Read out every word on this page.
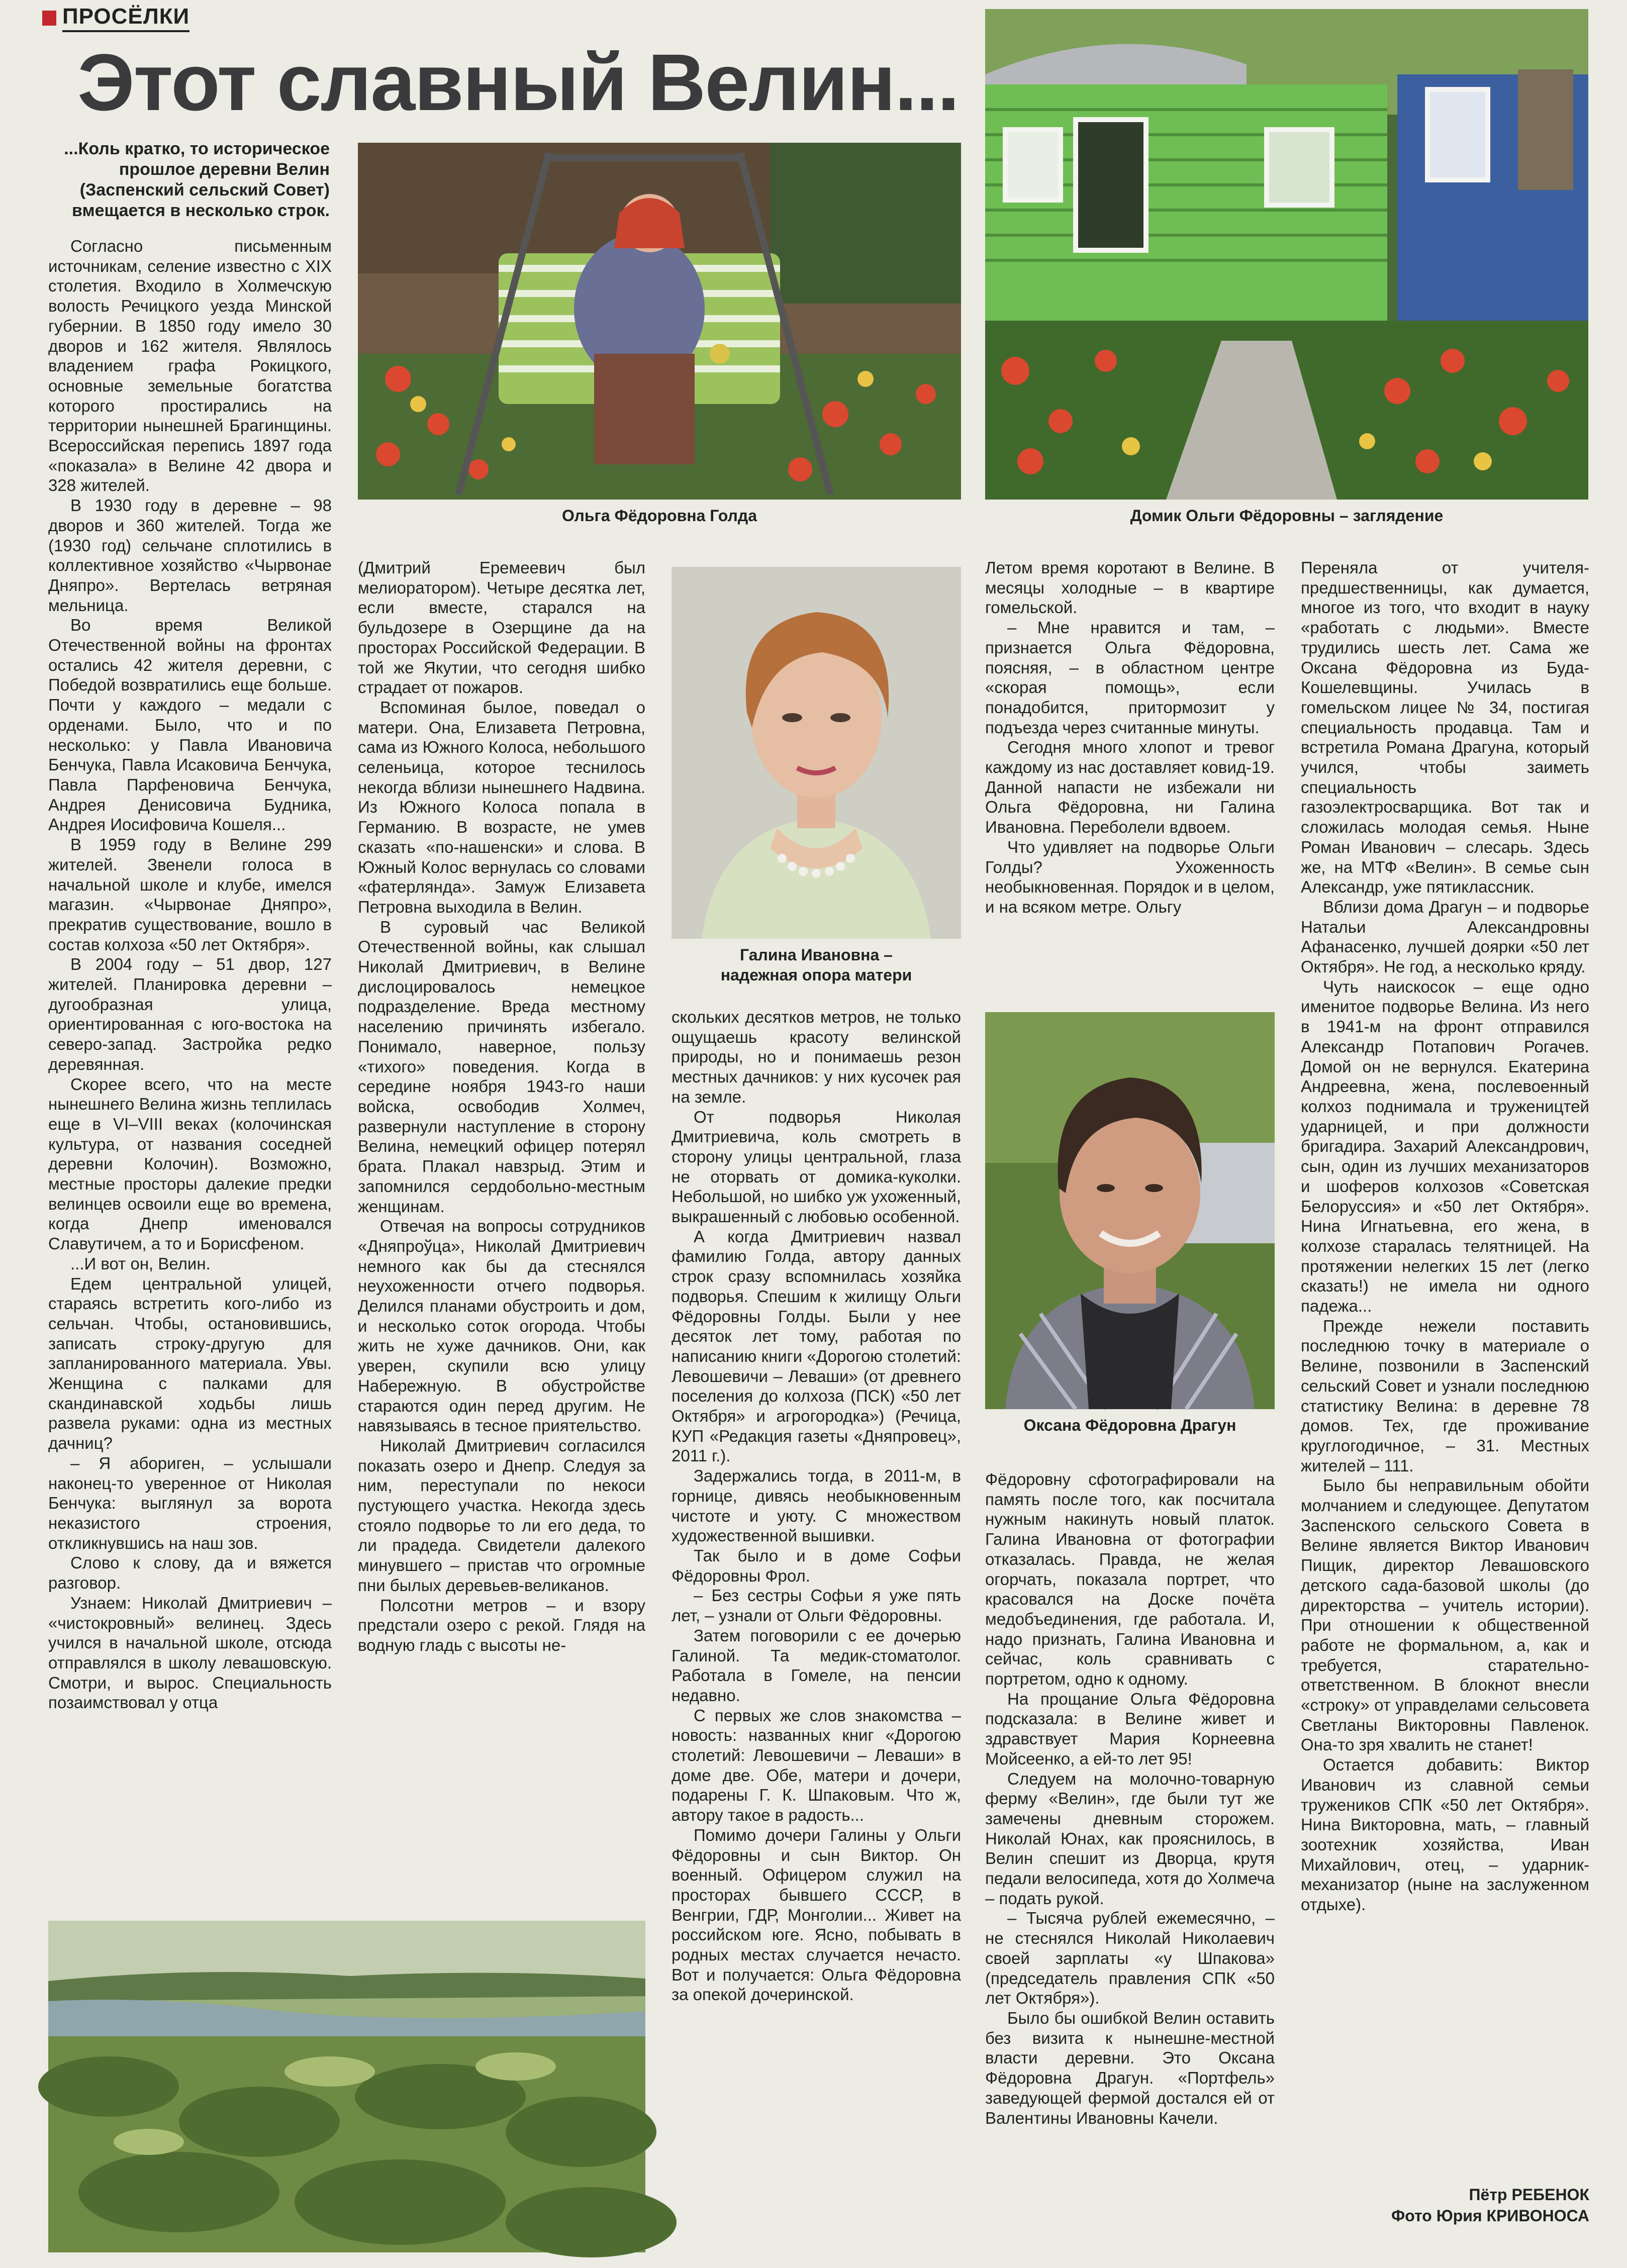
ПРОСЁЛКИ
Этот славный Велин...
...Коль кратко, то историческое прошлое деревни Велин (Заспенский сельский Совет) вмещается в несколько строк.
Ольга Фёдоровна Голда	Домик Ольги Фёдоровны – заглядение

Согласно письменным источникам, селение известно с XIX столетия. Входило в Холмечскую волость Речицкого уезда Минской губернии. В 1850 году имело 30 дворов и 162 жителя. Являлось владением графа Рокицкого, основные земельные богатства которого простирались на территории нынешней Брагинщины. Всероссийская перепись 1897 года «показала» в Велине 42 двора и 328 жителей.

В 1930 году в деревне – 98 дворов и 360 жителей. Тогда же (1930 год) сельчане сплотились в коллективное хозяйство «Чырвонае Дняпро». Вертелась ветряная мельница.

Во время Великой Отечественной войны на фронтах остались 42 жителя деревни, с Победой возвратились еще больше. Почти у каждого – медали с орденами. Было, что и по несколько: у Павла Ивановича Бенчука, Павла Исаковича Бенчука, Павла Парфеновича Бенчука, Андрея Денисовича Будника, Андрея Иосифовича Кошеля...

В 1959 году в Велине 299 жителей. Звенели голоса в начальной школе и клубе, имелся магазин. «Чырвонае Дняпро», прекратив существование, вошло в состав колхоза «50 лет Октября».

В 2004 году – 51 двор, 127 жителей. Планировка деревни – дугообразная улица, ориентированная с юго-востока на северо-запад. Застройка редко деревянная.

Скорее всего, что на месте нынешнего Велина жизнь теплилась еще в VI–VIII веках (колочинская культура, от названия соседней деревни Колочин). Возможно, местные просторы далекие предки велинцев освоили еще во времена, когда Днепр именовался Славутичем, а то и Борисфеном.

...И вот он, Велин.

Едем центральной улицей, стараясь встретить кого-либо из сельчан. Чтобы, остановившись, записать строку-другую для запланированного материала. Увы. Женщина с палками для скандинавской ходьбы лишь развела руками: одна из местных дачниц?

– Я абориген, – услышали наконец-то уверенное от Николая Бенчука: выглянул за ворота неказистого строения, откликнувшись на наш зов.

Слово к слову, да и вяжется разговор.

Узнаем: Николай Дмитриевич – «чистокровный» велинец. Здесь учился в начальной школе, отсюда отправлялся в школу левашовскую. Смотри, и вырос. Специальность позаимствовал у отца

(Дмитрий Еремеевич был мелиоратором). Четыре десятка лет, если вместе, старался на бульдозере в Озерщине да на просторах Российской Федерации. В той же Якутии, что сегодня шибко страдает от пожаров.

Вспоминая былое, поведал о матери. Она, Елизавета Петровна, сама из Южного Колоса, небольшого селеньица, которое теснилось некогда вблизи нынешнего Надвина. Из Южного Колоса попала в Германию. В возрасте, не умев сказать «по-нашенски» и слова. В Южный Колос вернулась со словами «фатерлянда». Замуж Елизавета Петровна выходила в Велин.

В суровый час Великой Отечественной войны, как слышал Николай Дмитриевич, в Велине дислоцировалось немецкое подразделение. Вреда местному населению причинять избегало. Понимало, наверное, пользу «тихого» поведения. Когда в середине ноября 1943-го наши войска, освободив Холмеч, развернули наступление в сторону Велина, немецкий офицер потерял брата. Плакал навзрыд. Этим и запомнился сердобольно-местным женщинам.

Отвечая на вопросы сотрудников «Дняпроўца», Николай Дмитриевич немного как бы да стеснялся неухоженности отчего подворья. Делился планами обустроить и дом, и несколько соток огорода. Чтобы жить не хуже дачников. Они, как уверен, скупили всю улицу Набережную. В обустройстве стараются один перед другим. Не навязываясь в тесное приятельство.

Николай Дмитриевич согласился показать озеро и Днепр. Следуя за ним, переступали по некоси пустующего участка. Некогда здесь стояло подворье то ли его деда, то ли прадеда. Свидетели далекого минувшего – пристав что огромные пни былых деревьев-великанов.

Полсотни метров – и взору предстали озеро с рекой. Глядя на водную гладь с высоты не-

Галина Ивановна –
надежная опора матери

скольких десятков метров, не только ощущаешь красоту велинской природы, но и понимаешь резон местных дачников: у них кусочек рая на земле.

От подворья Николая Дмитриевича, коль смотреть в сторону улицы центральной, глаза не оторвать от домика-куколки. Небольшой, но шибко уж ухоженный, выкрашенный с любовью особенной.

А когда Дмитриевич назвал фамилию Голда, автору данных строк сразу вспомнилась хозяйка подворья. Спешим к жилищу Ольги Фёдоровны Голды. Были у нее десяток лет тому, работая по написанию книги «Дорогою столетий: Левошевичи – Леваши» (от древнего поселения до колхоза (ПСК) «50 лет Октября» и агрогородка») (Речица, КУП «Редакция газеты «Дняпровец», 2011 г.).

Задержались тогда, в 2011-м, в горнице, дивясь необыкновенным чистоте и уюту. С множеством художественной вышивки.

Так было и в доме Софьи Фёдоровны Фрол.

– Без сестры Софьи я уже пять лет, – узнали от Ольги Фёдоровны.

Затем поговорили с ее дочерью Галиной. Та медик-стоматолог. Работала в Гомеле, на пенсии недавно.

С первых же слов знакомства – новость: названных книг «Дорогою столетий: Левошевичи – Леваши» в доме две. Обе, матери и дочери, подарены Г. К. Шпаковым. Что ж, автору такое в радость...

Помимо дочери Галины у Ольги Фёдоровны и сын Виктор. Он военный. Офицером служил на просторах бывшего СССР, в Венгрии, ГДР, Монголии... Живет на российском юге. Ясно, побывать в родных местах случается нечасто. Вот и получается: Ольга Фёдоровна за опекой дочеринской.

Летом время коротают в Велине. В месяцы холодные – в квартире гомельской.

– Мне нравится и там, – признается Ольга Фёдоровна, поясняя, – в областном центре «скорая помощь», если понадобится, притормозит у подъезда через считанные минуты.

Сегодня много хлопот и тревог каждому из нас доставляет ковид-19. Данной напасти не избежали ни Ольга Фёдоровна, ни Галина Ивановна. Переболели вдвоем.

Что удивляет на подворье Ольги Голды? Ухоженность необыкновенная. Порядок и в целом, и на всяком метре. Ольгу

Оксана Фёдоровна Драгун

Фёдоровну сфотографировали на память после того, как посчитала нужным накинуть новый платок. Галина Ивановна от фотографии отказалась. Правда, не желая огорчать, показала портрет, что красовался на Доске почёта медобъединения, где работала. И, надо признать, Галина Ивановна и сейчас, коль сравнивать с портретом, одно к одному.

На прощание Ольга Фёдоровна подсказала: в Велине живет и здравствует Мария Корнеевна Мойсеенко, а ей-то лет 95!

Следуем на молочно-товарную ферму «Велин», где были тут же замечены дневным сторожем. Николай Юнах, как прояснилось, в Велин спешит из Дворца, крутя педали велосипеда, хотя до Холмеча – подать рукой.

– Тысяча рублей ежемесячно, – не стеснялся Николай Николаевич своей зарплаты «у Шпакова» (председатель правления СПК «50 лет Октября»).

Было бы ошибкой Велин оставить без визита к нынешне-местной власти деревни. Это Оксана Фёдоровна Драгун. «Портфель» заведующей фермой достался ей от Валентины Ивановны Качели.

Переняла от учителя-предшественницы, как думается, многое из того, что входит в науку «работать с людьми». Вместе трудились шесть лет. Сама же Оксана Фёдоровна из Буда-Кошелевщины. Училась в гомельском лицее № 34, постигая специальность продавца. Там и встретила Романа Драгуна, который учился, чтобы заиметь специальность газоэлектросварщика. Вот так и сложилась молодая семья. Ныне Роман Иванович – слесарь. Здесь же, на МТФ «Велин». В семье сын Александр, уже пятиклассник.

Вблизи дома Драгун – и подворье Натальи Александровны Афанасенко, лучшей доярки «50 лет Октября». Не год, а несколько кряду.

Чуть наискосок – еще одно именитое подворье Велина. Из него в 1941-м на фронт отправился Александр Потапович Рогачев. Домой он не вернулся. Екатерина Андреевна, жена, послевоенный колхоз поднимала и тружеництей ударницей, и при должности бригадира. Захарий Александрович, сын, один из лучших механизаторов и шоферов колхозов «Советская Белоруссия» и «50 лет Октября». Нина Игнатьевна, его жена, в колхозе старалась телятницей. На протяжении нелегких 15 лет (легко сказать!) не имела ни одного падежа...

Прежде нежели поставить последнюю точку в материале о Велине, позвонили в Заспенский сельский Совет и узнали последнюю статистику Велина: в деревне 78 домов. Тех, где проживание круглогодичное, – 31. Местных жителей – 111.

Было бы неправильным обойти молчанием и следующее. Депутатом Заспенского сельского Совета в Велине является Виктор Иванович Пищик, директор Левашовского детского сада-базовой школы (до директорства – учитель истории). При отношении к общественной работе не формальном, а, как и требуется, старательно-ответственном. В блокнот внесли «строку» от управделами сельсовета Светланы Викторовны Павленок. Она-то зря хвалить не станет!

Остается добавить: Виктор Иванович из славной семьи тружеников СПК «50 лет Октября». Нина Викторовна, мать, – главный зоотехник хозяйства, Иван Михайлович, отец, – ударник-механизатор (ныне на заслуженном отдыхе).

Пётр РЕБЕНОК
Фото Юрия КРИВОНОСА
